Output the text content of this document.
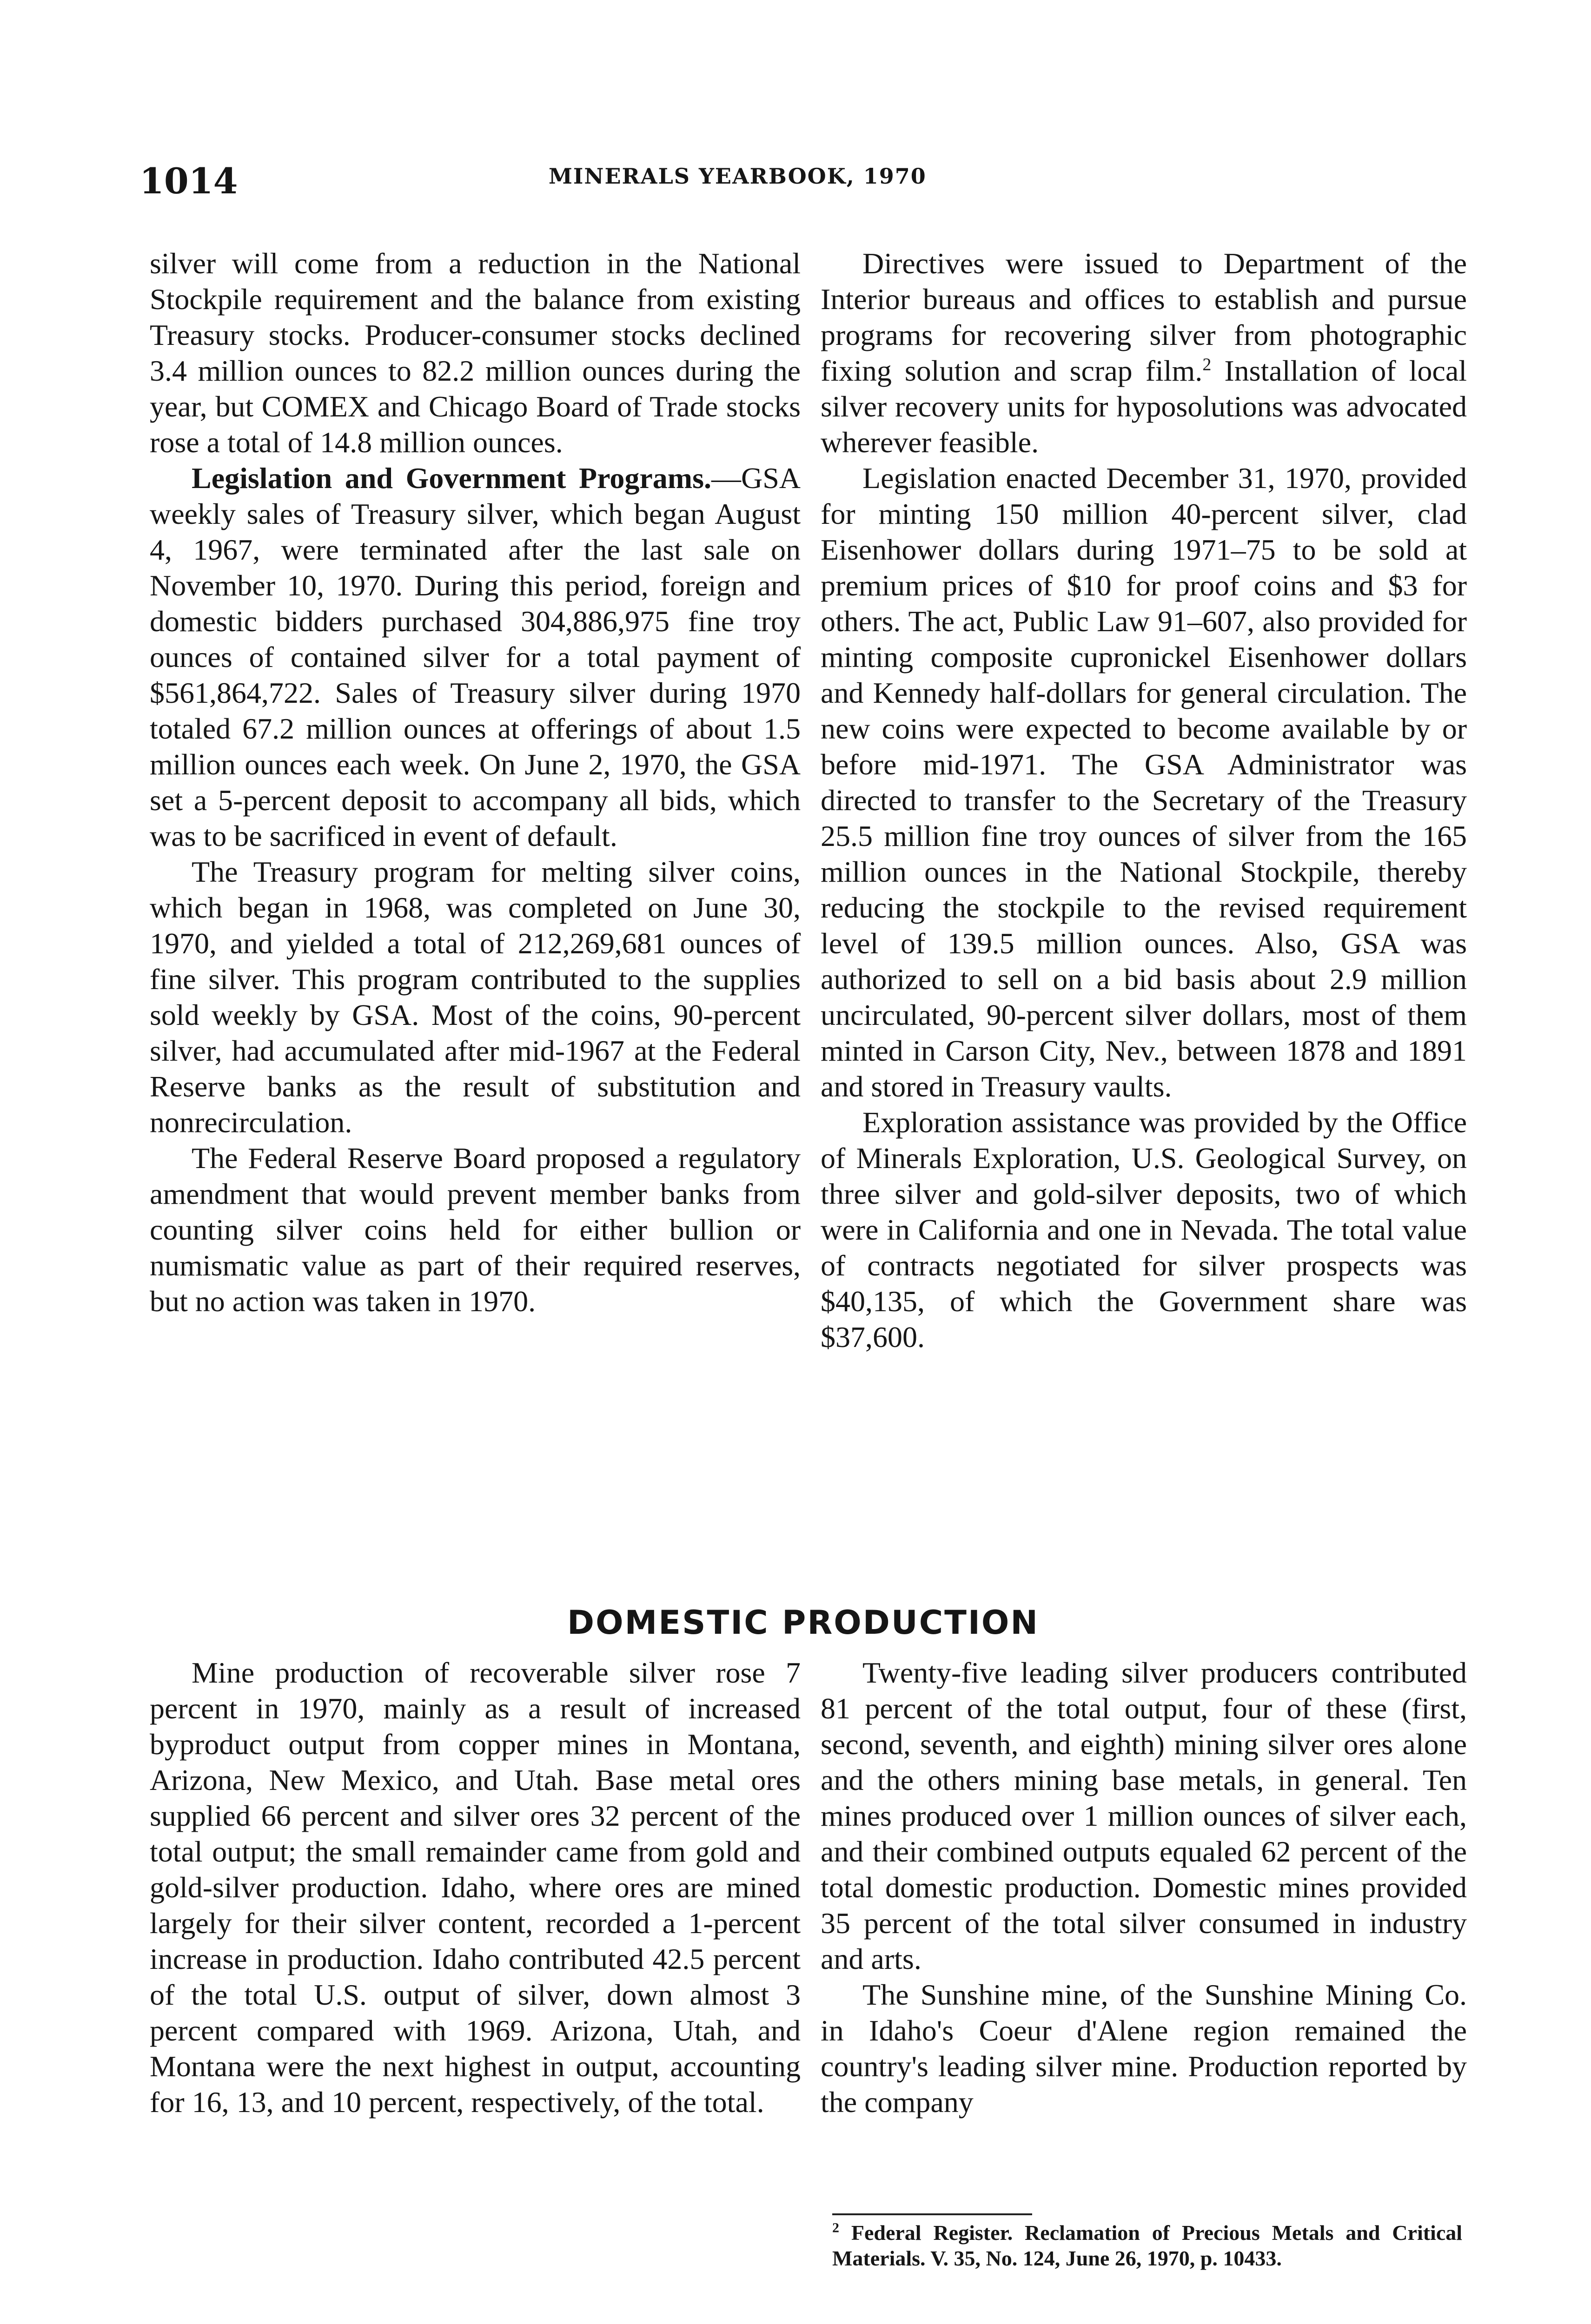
1014	MINERALS YEARBOOK, 1970

silver will come from a reduction in the National Stockpile requirement and the balance from existing Treasury stocks. Producer-consumer stocks declined 3.4 million ounces to 82.2 million ounces during the year, but COMEX and Chicago Board of Trade stocks rose a total of 14.8 million ounces.

Legislation and Government Programs.—GSA weekly sales of Treasury silver, which began August 4, 1967, were terminated after the last sale on November 10, 1970. During this period, foreign and domestic bidders purchased 304,886,975 fine troy ounces of contained silver for a total payment of $561,864,722. Sales of Treasury silver during 1970 totaled 67.2 million ounces at offerings of about 1.5 million ounces each week. On June 2, 1970, the GSA set a 5-percent deposit to accompany all bids, which was to be sacrificed in event of default.

The Treasury program for melting silver coins, which began in 1968, was completed on June 30, 1970, and yielded a total of 212,269,681 ounces of fine silver. This program contributed to the supplies sold weekly by GSA. Most of the coins, 90-percent silver, had accumulated after mid-1967 at the Federal Reserve banks as the result of substitution and nonrecirculation.

The Federal Reserve Board proposed a regulatory amendment that would prevent member banks from counting silver coins held for either bullion or numismatic value as part of their required reserves, but no action was taken in 1970.

Directives were issued to Department of the Interior bureaus and offices to establish and pursue programs for recovering silver from photographic fixing solution and scrap film.$^2$ Installation of local silver recovery units for hyposolutions was advocated wherever feasible.

Legislation enacted December 31, 1970, provided for minting 150 million 40-percent silver, clad Eisenhower dollars during 1971–75 to be sold at premium prices of $10 for proof coins and $3 for others. The act, Public Law 91–607, also provided for minting composite cupronickel Eisenhower dollars and Kennedy half-dollars for general circulation. The new coins were expected to become available by or before mid-1971. The GSA Administrator was directed to transfer to the Secretary of the Treasury 25.5 million fine troy ounces of silver from the 165 million ounces in the National Stockpile, thereby reducing the stockpile to the revised requirement level of 139.5 million ounces. Also, GSA was authorized to sell on a bid basis about 2.9 million uncirculated, 90-percent silver dollars, most of them minted in Carson City, Nev., between 1878 and 1891 and stored in Treasury vaults.

Exploration assistance was provided by the Office of Minerals Exploration, U.S. Geological Survey, on three silver and gold-silver deposits, two of which were in California and one in Nevada. The total value of contracts negotiated for silver prospects was $40,135, of which the Government share was $37,600.

DOMESTIC PRODUCTION

Mine production of recoverable silver rose 7 percent in 1970, mainly as a result of increased byproduct output from copper mines in Montana, Arizona, New Mexico, and Utah. Base metal ores supplied 66 percent and silver ores 32 percent of the total output; the small remainder came from gold and gold-silver production. Idaho, where ores are mined largely for their silver content, recorded a 1-percent increase in production. Idaho contributed 42.5 percent of the total U.S. output of silver, down almost 3 percent compared with 1969. Arizona, Utah, and Montana were the next highest in output, accounting for 16, 13, and 10 percent, respectively, of the total.

Twenty-five leading silver producers contributed 81 percent of the total output, four of these (first, second, seventh, and eighth) mining silver ores alone and the others mining base metals, in general. Ten mines produced over 1 million ounces of silver each, and their combined outputs equaled 62 percent of the total domestic production. Domestic mines provided 35 percent of the total silver consumed in industry and arts.

The Sunshine mine, of the Sunshine Mining Co. in Idaho's Coeur d'Alene region remained the country's leading silver mine. Production reported by the company

$^2$ Federal Register. Reclamation of Precious Metals and Critical Materials. V. 35, No. 124, June 26, 1970, p. 10433.
